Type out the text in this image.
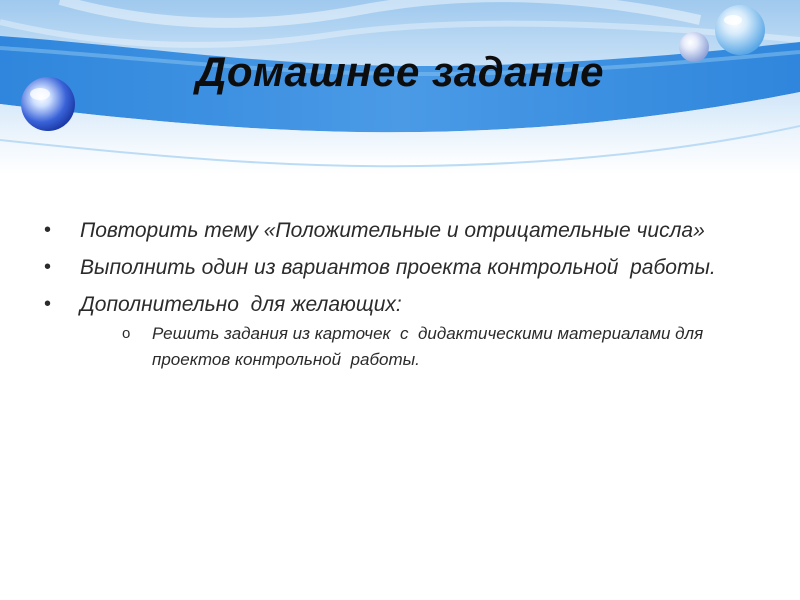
Домашнее задание
• Повторить тему «Положительные и отрицательные числа»
• Выполнить один из вариантов проекта контрольной  работы.
• Дополнительно  для желающих:
o Решить задания из карточек  с  дидактическими материалами для  проектов контрольной  работы.
